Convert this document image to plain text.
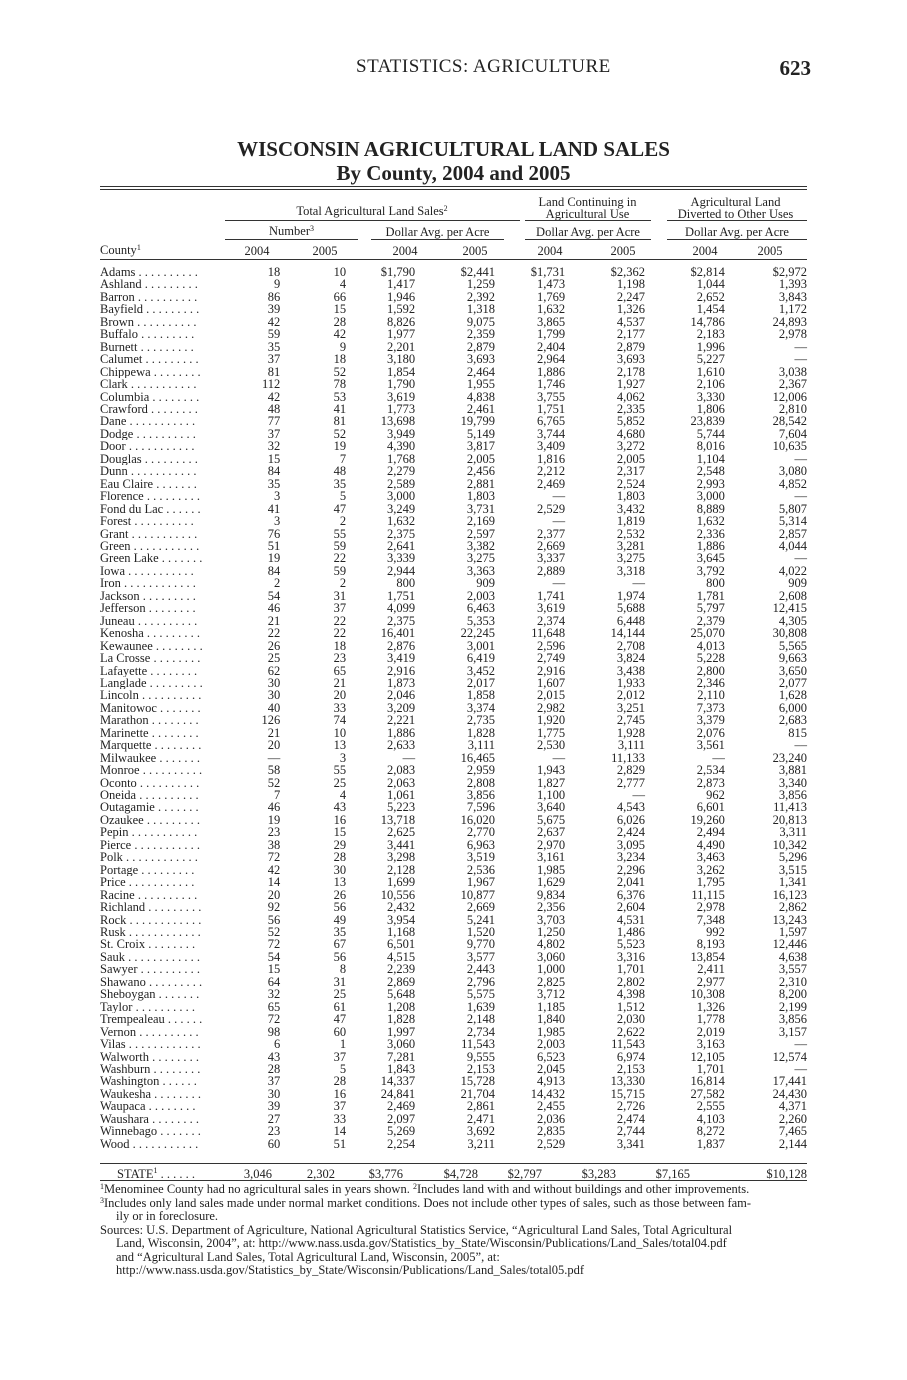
STATISTICS: AGRICULTURE	623
WISCONSIN AGRICULTURAL LAND SALES
By County, 2004 and 2005
Total Agricultural Land Sales$^2$	Land Continuing in
Agricultural Use
Agricultural Land
Diverted to Other Uses
Number$^3$	Dollar Avg. per Acre	Dollar Avg. per Acre	Dollar Avg. per Acre
County$^1$	2004	2005	2004	2005	2004	2005	2004	2005
Adams . . . . . . . . . .	18	10	$1,790	$2,441	$1,731	$2,362	$2,814	$2,972
Ashland . . . . . . . . .	9	4	1,417	1,259	1,473	1,198	1,044	1,393
Barron . . . . . . . . . .	86	66	1,946	2,392	1,769	2,247	2,652	3,843
Bayfield . . . . . . . . .	39	15	1,592	1,318	1,632	1,326	1,454	1,172
Brown . . . . . . . . . .	42	28	8,826	9,075	3,865	4,537	14,786	24,893
Buffalo . . . . . . . . .	59	42	1,977	2,359	1,799	2,177	2,183	2,978
Burnett . . . . . . . . .	35	9	2,201	2,879	2,404	2,879	1,996	––
Calumet . . . . . . . . .	37	18	3,180	3,693	2,964	3,693	5,227	––
Chippewa . . . . . . . .	81	52	1,854	2,464	1,886	2,178	1,610	3,038
Clark . . . . . . . . . . .	112	78	1,790	1,955	1,746	1,927	2,106	2,367
Columbia . . . . . . . .	42	53	3,619	4,838	3,755	4,062	3,330	12,006
Crawford . . . . . . . .	48	41	1,773	2,461	1,751	2,335	1,806	2,810
Dane . . . . . . . . . . .	77	81	13,698	19,799	6,765	5,852	23,839	28,542
Dodge . . . . . . . . . .	37	52	3,949	5,149	3,744	4,680	5,744	7,604
Door . . . . . . . . . . .	32	19	4,390	3,817	3,409	3,272	8,016	10,635
Douglas . . . . . . . . .	15	7	1,768	2,005	1,816	2,005	1,104	––
Dunn . . . . . . . . . . .	84	48	2,279	2,456	2,212	2,317	2,548	3,080
Eau Claire . . . . . . .	35	35	2,589	2,881	2,469	2,524	2,993	4,852
Florence . . . . . . . . .	3	5	3,000	1,803	––	1,803	3,000	––
Fond du Lac . . . . . .	41	47	3,249	3,731	2,529	3,432	8,889	5,807
Forest . . . . . . . . . .	3	2	1,632	2,169	––	1,819	1,632	5,314
Grant . . . . . . . . . . .	76	55	2,375	2,597	2,377	2,532	2,336	2,857
Green . . . . . . . . . . .	51	59	2,641	3,382	2,669	3,281	1,886	4,044
Green Lake . . . . . . .	19	22	3,339	3,275	3,337	3,275	3,645	––
Iowa . . . . . . . . . . .	84	59	2,944	3,363	2,889	3,318	3,792	4,022
Iron . . . . . . . . . . . .	2	2	800	909	––	––	800	909
Jackson . . . . . . . . .	54	31	1,751	2,003	1,741	1,974	1,781	2,608
Jefferson . . . . . . . .	46	37	4,099	6,463	3,619	5,688	5,797	12,415
Juneau . . . . . . . . . .	21	22	2,375	5,353	2,374	6,448	2,379	4,305
Kenosha . . . . . . . . .	22	22	16,401	22,245	11,648	14,144	25,070	30,808
Kewaunee . . . . . . . .	26	18	2,876	3,001	2,596	2,708	4,013	5,565
La Crosse . . . . . . . .	25	23	3,419	6,419	2,749	3,824	5,228	9,663
Lafayette . . . . . . . .	62	65	2,916	3,452	2,916	3,438	2,800	3,650
Langlade . . . . . . . . .	30	21	1,873	2,017	1,607	1,933	2,346	2,077
Lincoln . . . . . . . . . .	30	20	2,046	1,858	2,015	2,012	2,110	1,628
Manitowoc . . . . . . .	40	33	3,209	3,374	2,982	3,251	7,373	6,000
Marathon . . . . . . . .	126	74	2,221	2,735	1,920	2,745	3,379	2,683
Marinette . . . . . . . .	21	10	1,886	1,828	1,775	1,928	2,076	815
Marquette . . . . . . . .	20	13	2,633	3,111	2,530	3,111	3,561	––
Milwaukee . . . . . . .	––	3	––	16,465	––	11,133	––	23,240
Monroe . . . . . . . . . .	58	55	2,083	2,959	1,943	2,829	2,534	3,881
Oconto . . . . . . . . . .	52	25	2,063	2,808	1,827	2,777	2,873	3,340
Oneida . . . . . . . . . .	7	4	1,061	3,856	1,100	––	962	3,856
Outagamie . . . . . . .	46	43	5,223	7,596	3,640	4,543	6,601	11,413
Ozaukee . . . . . . . . .	19	16	13,718	16,020	5,675	6,026	19,260	20,813
Pepin . . . . . . . . . . .	23	15	2,625	2,770	2,637	2,424	2,494	3,311
Pierce . . . . . . . . . . .	38	29	3,441	6,963	2,970	3,095	4,490	10,342
Polk . . . . . . . . . . . .	72	28	3,298	3,519	3,161	3,234	3,463	5,296
Portage . . . . . . . . .	42	30	2,128	2,536	1,985	2,296	3,262	3,515
Price . . . . . . . . . . .	14	13	1,699	1,967	1,629	2,041	1,795	1,341
Racine . . . . . . . . . .	20	26	10,556	10,877	9,834	6,376	11,115	16,123
Richland . . . . . . . . .	92	56	2,432	2,669	2,356	2,604	2,978	2,862
Rock . . . . . . . . . . . .	56	49	3,954	5,241	3,703	4,531	7,348	13,243
Rusk . . . . . . . . . . . .	52	35	1,168	1,520	1,250	1,486	992	1,597
St. Croix . . . . . . . .	72	67	6,501	9,770	4,802	5,523	8,193	12,446
Sauk . . . . . . . . . . . .	54	56	4,515	3,577	3,060	3,316	13,854	4,638
Sawyer . . . . . . . . . .	15	8	2,239	2,443	1,000	1,701	2,411	3,557
Shawano . . . . . . . . .	64	31	2,869	2,796	2,825	2,802	2,977	2,310
Sheboygan . . . . . . .	32	25	5,648	5,575	3,712	4,398	10,308	8,200
Taylor . . . . . . . . . .	65	61	1,208	1,639	1,185	1,512	1,326	2,199
Trempealeau . . . . . .	72	47	1,828	2,148	1,840	2,030	1,778	3,856
Vernon . . . . . . . . . .	98	60	1,997	2,734	1,985	2,622	2,019	3,157
Vilas . . . . . . . . . . . .	6	1	3,060	11,543	2,003	11,543	3,163	––
Walworth . . . . . . . .	43	37	7,281	9,555	6,523	6,974	12,105	12,574
Washburn . . . . . . . .	28	5	1,843	2,153	2,045	2,153	1,701	––
Washington . . . . . .	37	28	14,337	15,728	4,913	13,330	16,814	17,441
Waukesha . . . . . . . .	30	16	24,841	21,704	14,432	15,715	27,582	24,430
Waupaca . . . . . . . .	39	37	2,469	2,861	2,455	2,726	2,555	4,371
Waushara . . . . . . . .	27	33	2,097	2,471	2,036	2,474	4,103	2,260
Winnebago . . . . . . .	23	14	5,269	3,692	2,835	2,744	8,272	7,465
Wood . . . . . . . . . . .	60	51	2,254	3,211	2,529	3,341	1,837	2,144
STATE$^1$ . . . . . .	3,046	2,302	$3,776	$4,728 $2,797	$3,283	$7,165	$10,128

$^1$Menominee County had no agricultural sales in years shown. $^2$Includes land with and without buildings and other improvements.

$^3$Includes only land sales made under normal market conditions. Does not include other types of sales, such as those between fam-

ily or in foreclosure.

Sources: U.S. Department of Agriculture, National Agricultural Statistics Service, “Agricultural Land Sales, Total Agricultural

Land, Wisconsin, 2004”, at: http://www.nass.usda.gov/Statistics_by_State/Wisconsin/Publications/Land_Sales/total04.pdf

and “Agricultural Land Sales, Total Agricultural Land, Wisconsin, 2005”, at:

http://www.nass.usda.gov/Statistics_by_State/Wisconsin/Publications/Land_Sales/total05.pdf
